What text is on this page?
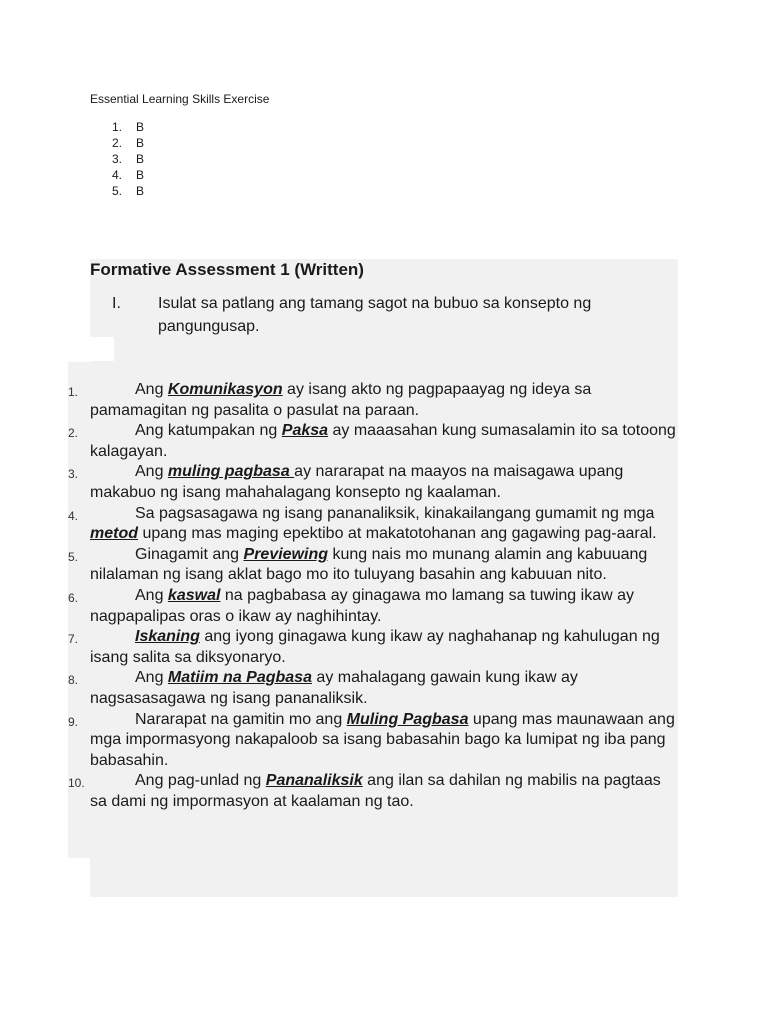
Essential Learning Skills Exercise
1.	B
2.	B
3.	B
4.	B
5.	B
Formative Assessment 1 (Written)
I.	Isulat sa patlang ang tamang sagot na bubuo sa konsepto ng pangungusap.
1.	Ang Komunikasyon ay isang akto ng pagpapaayag ng ideya sa pamamagitan ng pasalita o pasulat na paraan.
2.	Ang katumpakan ng Paksa ay maaasahan kung sumasalamin ito sa totoong kalagayan.
3.	Ang muling pagbasa ay nararapat na maayos na maisagawa upang makabuo ng isang mahahalagang konsepto ng kaalaman.
4.	Sa pagsasagawa ng isang pananaliksik, kinakailangang gumamit ng mga metod upang mas maging epektibo at makatotohanan ang gagawing pag-aaral.
5.	Ginagamit ang Previewing kung nais mo munang alamin ang kabuuang nilalaman ng isang aklat bago mo ito tuluyang basahin ang kabuuan nito.
6.	Ang kaswal na pagbabasa ay ginagawa mo lamang sa tuwing ikaw ay nagpapalipas oras o ikaw ay naghihintay.
7.	Iskaning ang iyong ginagawa kung ikaw ay naghahanap ng kahulugan ng isang salita sa diksyonaryo.
8.	Ang Matiim na Pagbasa ay mahalagang gawain kung ikaw ay nagsasasagawa ng isang pananaliksik.
9.	Nararapat na gamitin mo ang Muling Pagbasa upang mas maunawaan ang mga impormasyong nakapaloob sa isang babasahin bago ka lumipat ng iba pang babasahin.
10.	Ang pag-unlad ng Pananaliksik ang ilan sa dahilan ng mabilis na pagtaas sa dami ng impormasyon at kaalaman ng tao.
